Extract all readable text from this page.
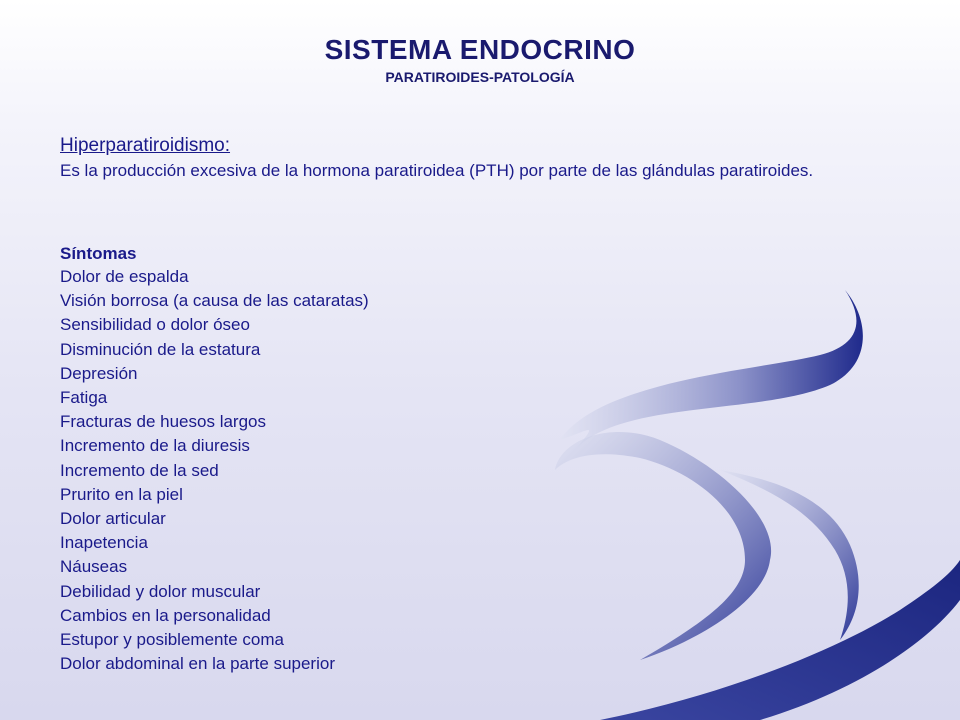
SISTEMA ENDOCRINO
PARATIROIDES-PATOLOGÍA
Hiperparatiroidismo:
Es la producción excesiva de la hormona paratiroidea (PTH) por parte de las glándulas paratiroides.
Síntomas
Dolor de espalda
Visión borrosa (a causa de las cataratas)
Sensibilidad o dolor óseo
Disminución de la estatura
Depresión
Fatiga
Fracturas de huesos largos
Incremento de la diuresis
Incremento de la sed
Prurito en la piel
Dolor articular
Inapetencia
Náuseas
Debilidad y dolor muscular
Cambios en la personalidad
Estupor y posiblemente coma
Dolor abdominal en la parte superior
